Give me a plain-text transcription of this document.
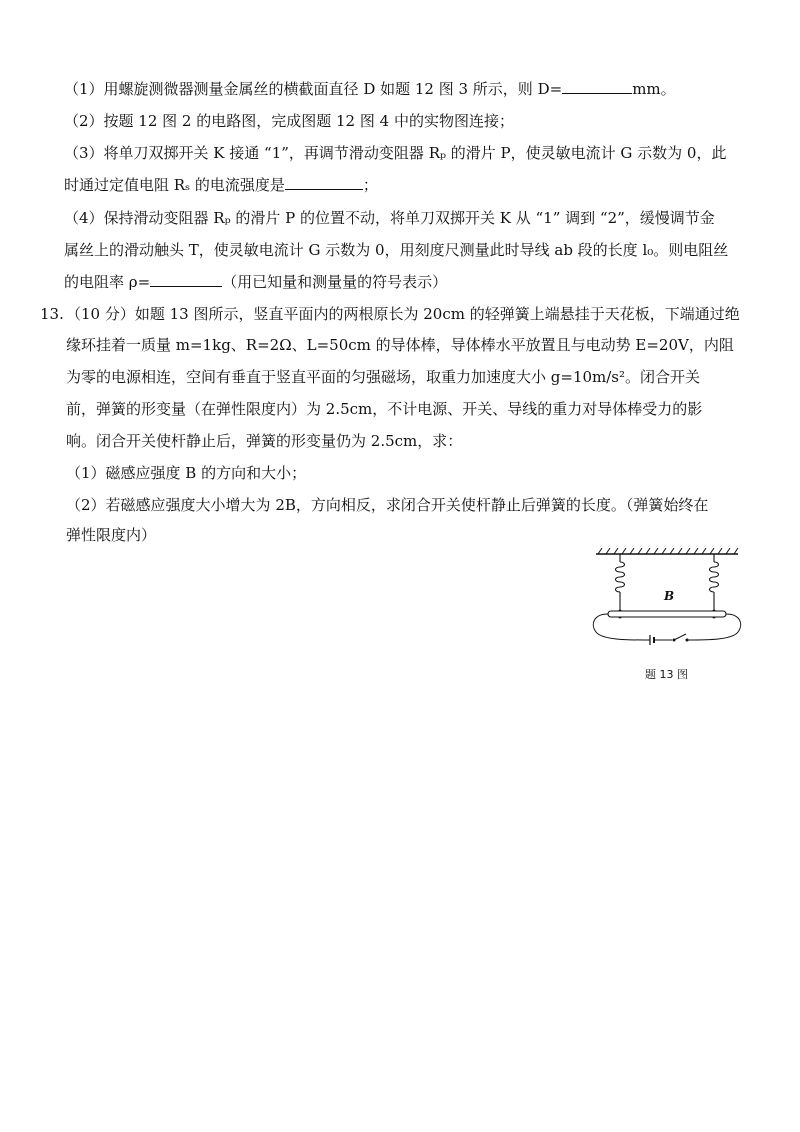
（1）用螺旋测微器测量金属丝的横截面直径 D 如题 12 图 3 所示，则 D=	mm。
（2）按题 12 图 2 的电路图，完成图题 12 图 4 中的实物图连接；
（3）将单刀双掷开关 K 接通 “1”，再调节滑动变阻器 Rₚ 的滑片 P，使灵敏电流计 G 示数为 0，此
时通过定值电阻 Rₛ 的电流强度是	；
（4）保持滑动变阻器 Rₚ 的滑片 P 的位置不动，将单刀双掷开关 K 从 “1” 调到 “2”，缓慢调节金
属丝上的滑动触头 T，使灵敏电流计 G 示数为 0，用刻度尺测量此时导线 ab 段的长度 l₀。则电阻丝
的电阻率 ρ=	（用已知量和测量量的符号表示）
13. （10 分）如题 13 图所示，竖直平面内的两根原长为 20cm 的轻弹簧上端悬挂于天花板，下端通过绝
缘环挂着一质量 m=1kg、R=2Ω、L=50cm 的导体棒，导体棒水平放置且与电动势 E=20V，内阻
为零的电源相连，空间有垂直于竖直平面的匀强磁场，取重力加速度大小 g=10m/s²。闭合开关
前，弹簧的形变量（在弹性限度内）为 2.5cm，不计电源、开关、导线的重力对导体棒受力的影
响。闭合开关使杆静止后，弹簧的形变量仍为 2.5cm，求：
（1）磁感应强度 B 的方向和大小；
（2）若磁感应强度大小增大为 2B，方向相反，求闭合开关使杆静止后弹簧的长度。（弹簧始终在
弹性限度内）
B
题 13 图
